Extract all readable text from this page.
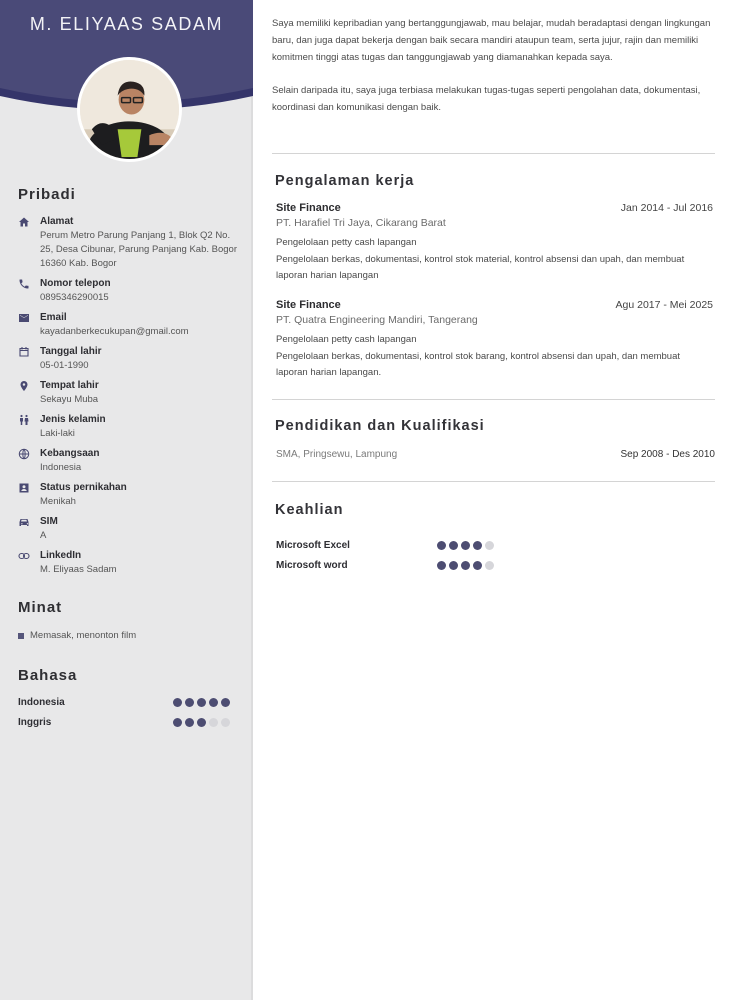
M. ELIYAAS SADAM
Pribadi
Alamat
Perum Metro Parung Panjang 1, Blok Q2 No. 25, Desa Cibunar, Parung Panjang Kab. Bogor 16360 Kab. Bogor
Nomor telepon
0895346290015
Email
kayadanberkecukupan@gmail.com
Tanggal lahir
05-01-1990
Tempat lahir
Sekayu Muba
Jenis kelamin
Laki-laki
Kebangsaan
Indonesia
Status pernikahan
Menikah
SIM
A
LinkedIn
M. Eliyaas Sadam
Minat
Memasak, menonton film
Bahasa
Indonesia
Inggris

Saya memiliki kepribadian yang bertanggungjawab, mau belajar, mudah beradaptasi dengan lingkungan baru, dan juga dapat bekerja dengan baik secara mandiri ataupun team, serta jujur, rajin dan memiliki komitmen tinggi atas tugas dan tanggungjawab yang diamanahkan kepada saya.

Selain daripada itu, saya juga terbiasa melakukan tugas-tugas seperti pengolahan data, dokumentasi, koordinasi dan komunikasi dengan baik.

Pengalaman kerja
Site Finance	Jan 2014 - Jul 2016
PT. Harafiel Tri Jaya, Cikarang Barat
Pengelolaan petty cash lapangan
Pengelolaan berkas, dokumentasi, kontrol stok material, kontrol absensi dan upah, dan membuat laporan harian lapangan
Site Finance	Agu 2017 - Mei 2025
PT. Quatra Engineering Mandiri, Tangerang
Pengelolaan petty cash lapangan
Pengelolaan berkas, dokumentasi, kontrol stok barang, kontrol absensi dan upah, dan membuat laporan harian lapangan.
Pendidikan dan Kualifikasi
SMA, Pringsewu, Lampung	Sep 2008 - Des 2010
Keahlian
Microsoft Excel
Microsoft word
